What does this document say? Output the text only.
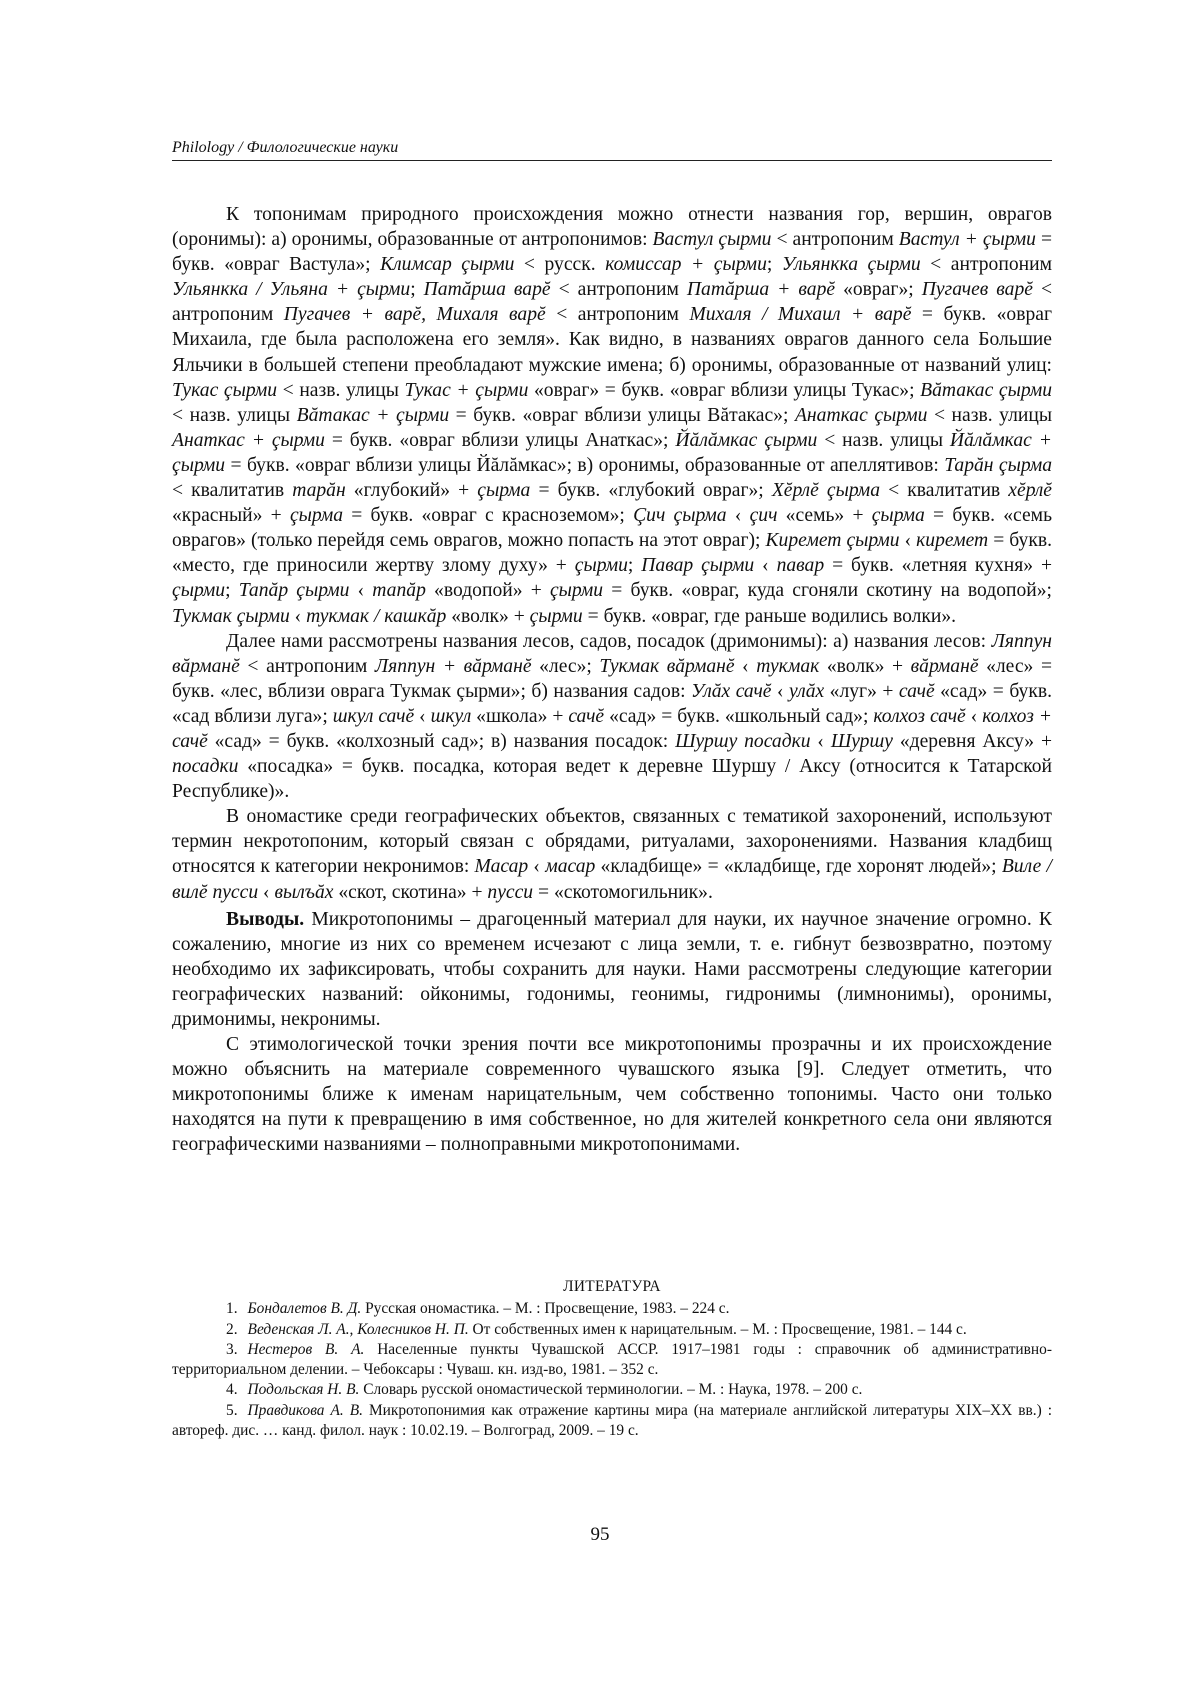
Philology / Филологические науки

К топонимам природного происхождения можно отнести названия гор, вершин, оврагов (оронимы): а) оронимы, образованные от антропонимов: Вастул çырми < антропоним Вастул + çырми = букв. «овраг Вастула»; Климсар çырми < русск. комиссар + çырми; Ульянкка çырми < антропоним Ульянкка / Ульяна + çырми; Патăрша варĕ < антропоним Патăрша + варĕ «овраг»; Пугачев варĕ < антропоним Пугачев + варĕ, Михаля варĕ < антропоним Михаля / Михаил + варĕ = букв. «овраг Михаила, где была расположена его земля». Как видно, в названиях оврагов данного села Большие Яльчики в большей степени преобладают мужские имена; б) оронимы, образованные от названий улиц: Тукас çырми < назв. улицы Тукас + çырми «овраг» = букв. «овраг вблизи улицы Тукас»; Вăтакас çырми < назв. улицы Вăтакас + çырми = букв. «овраг вблизи улицы Вăтакас»; Анаткас çырми < назв. улицы Анаткас + çырми = букв. «овраг вблизи улицы Анаткас»; Йăлăмкас çырми < назв. улицы Йăлăмкас + çырми = букв. «овраг вблизи улицы Йăлăмкас»; в) оронимы, образованные от апеллятивов: Тарăн çырма < квалитатив тарăн «глубокий» + çырма = букв. «глубокий овраг»; Хĕрлĕ çырма < квалитатив хĕрлĕ «красный» + çырма = букв. «овраг с красноземом»; Çич çырма ‹ çич «семь» + çырма = букв. «семь оврагов» (только перейдя семь оврагов, можно попасть на этот овраг); Киремет çырми ‹ киремет = букв. «место, где приносили жертву злому духу» + çырми; Павар çырми ‹ павар = букв. «летняя кухня» + çырми; Тапăр çырми ‹ тапăр «водопой» + çырми = букв. «овраг, куда сгоняли скотину на водопой»; Тукмак çырми ‹ тукмак / кашкăр «волк» + çырми = букв. «овраг, где раньше водились волки».

Далее нами рассмотрены названия лесов, садов, посадок (дримонимы): а) названия лесов: Ляппун вăрманĕ < антропоним Ляппун + вăрманĕ «лес»; Тукмак вăрманĕ ‹ тукмак «волк» + вăрманĕ «лес» = букв. «лес, вблизи оврага Тукмак çырми»; б) названия садов: Улăх сачĕ ‹ улăх «луг» + сачĕ «сад» = букв. «сад вблизи луга»; шкул сачĕ ‹ шкул «школа» + сачĕ «сад» = букв. «школьный сад»; колхоз сачĕ ‹ колхоз + сачĕ «сад» = букв. «колхозный сад»; в) названия посадок: Шуршу посадки ‹ Шуршу «деревня Аксу» + посадки «посадка» = букв. посадка, которая ведет к деревне Шуршу / Аксу (относится к Татарской Республике)».

В ономастике среди географических объектов, связанных с тематикой захоронений, используют термин некротопоним, который связан с обрядами, ритуалами, захоронениями. Названия кладбищ относятся к категории некронимов: Масар ‹ масар «кладбище» = «кладбище, где хоронят людей»; Виле / вилĕ пусси ‹ вылъăх «скот, скотина» + пусси = «скотомогильник».

Выводы. Микротопонимы – драгоценный материал для науки, их научное значение огромно. К сожалению, многие из них со временем исчезают с лица земли, т. е. гибнут безвозвратно, поэтому необходимо их зафиксировать, чтобы сохранить для науки. Нами рассмотрены следующие категории географических названий: ойконимы, годонимы, геонимы, гидронимы (лимнонимы), оронимы, дримонимы, некронимы.

С этимологической точки зрения почти все микротопонимы прозрачны и их происхождение можно объяснить на материале современного чувашского языка [9]. Следует отметить, что микротопонимы ближе к именам нарицательным, чем собственно топонимы. Часто они только находятся на пути к превращению в имя собственное, но для жителей конкретного села они являются географическими названиями – полноправными микротопонимами.

ЛИТЕРАТУРА
1. Бондалетов В. Д. Русская ономастика. – М. : Просвещение, 1983. – 224 с.
2. Веденская Л. А., Колесников Н. П. От собственных имен к нарицательным. – М. : Просвещение, 1981. – 144 с.
3. Нестеров В. А. Населенные пункты Чувашской АССР. 1917–1981 годы : справочник об административно-территориальном делении. – Чебоксары : Чуваш. кн. изд-во, 1981. – 352 с.
4. Подольская Н. В. Словарь русской ономастической терминологии. – М. : Наука, 1978. – 200 с.
5. Правдикова А. В. Микротопонимия как отражение картины мира (на материале английской литературы XIX–XX вв.) : автореф. дис. … канд. филол. наук : 10.02.19. – Волгоград, 2009. – 19 с.
95
